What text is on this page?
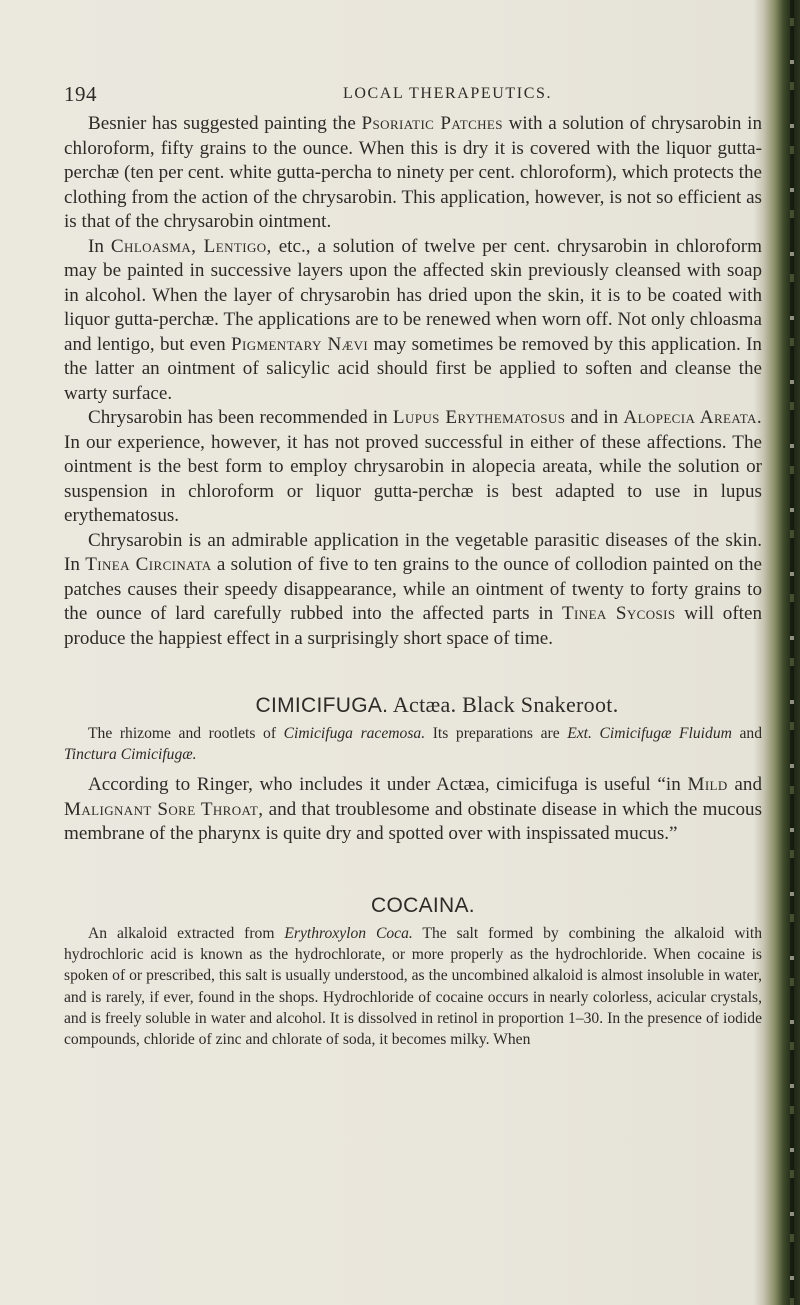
194	LOCAL THERAPEUTICS.

Besnier has suggested painting the Psoriatic Patches with a solution of chrysarobin in chloroform, fifty grains to the ounce. When this is dry it is covered with the liquor gutta-perchæ (ten per cent. white gutta-percha to ninety per cent. chloroform), which protects the clothing from the action of the chrysarobin. This application, however, is not so efficient as is that of the chrysarobin ointment.

In Chloasma, Lentigo, etc., a solution of twelve per cent. chrysarobin in chloroform may be painted in successive layers upon the affected skin previously cleansed with soap in alcohol. When the layer of chrysarobin has dried upon the skin, it is to be coated with liquor gutta-perchæ. The applications are to be renewed when worn off. Not only chloasma and lentigo, but even Pigmentary Nævi may sometimes be removed by this application. In the latter an ointment of salicylic acid should first be applied to soften and cleanse the warty surface.

Chrysarobin has been recommended in Lupus Erythematosus and in Alopecia Areata. In our experience, however, it has not proved successful in either of these affections. The ointment is the best form to employ chrysarobin in alopecia areata, while the solution or suspension in chloroform or liquor gutta-perchæ is best adapted to use in lupus erythematosus.

Chrysarobin is an admirable application in the vegetable parasitic diseases of the skin. In Tinea Circinata a solution of five to ten grains to the ounce of collodion painted on the patches causes their speedy disappearance, while an ointment of twenty to forty grains to the ounce of lard carefully rubbed into the affected parts in Tinea Sycosis will often produce the happiest effect in a surprisingly short space of time.

CIMICIFUGA. Actæa. Black Snakeroot.

The rhizome and rootlets of Cimicifuga racemosa. Its preparations are Ext. Cimicifugæ Fluidum and Tinctura Cimicifugæ.

According to Ringer, who includes it under Actæa, cimicifuga is useful “in Mild and Malignant Sore Throat, and that troublesome and obstinate disease in which the mucous membrane of the pharynx is quite dry and spotted over with inspissated mucus.”

COCAINA.

An alkaloid extracted from Erythroxylon Coca. The salt formed by combining the alkaloid with hydrochloric acid is known as the hydrochlorate, or more properly as the hydrochloride. When cocaine is spoken of or prescribed, this salt is usually understood, as the uncombined alkaloid is almost insoluble in water, and is rarely, if ever, found in the shops. Hydrochloride of cocaine occurs in nearly colorless, acicular crystals, and is freely soluble in water and alcohol. It is dissolved in retinol in proportion 1–30. In the presence of iodide compounds, chloride of zinc and chlorate of soda, it becomes milky. When
